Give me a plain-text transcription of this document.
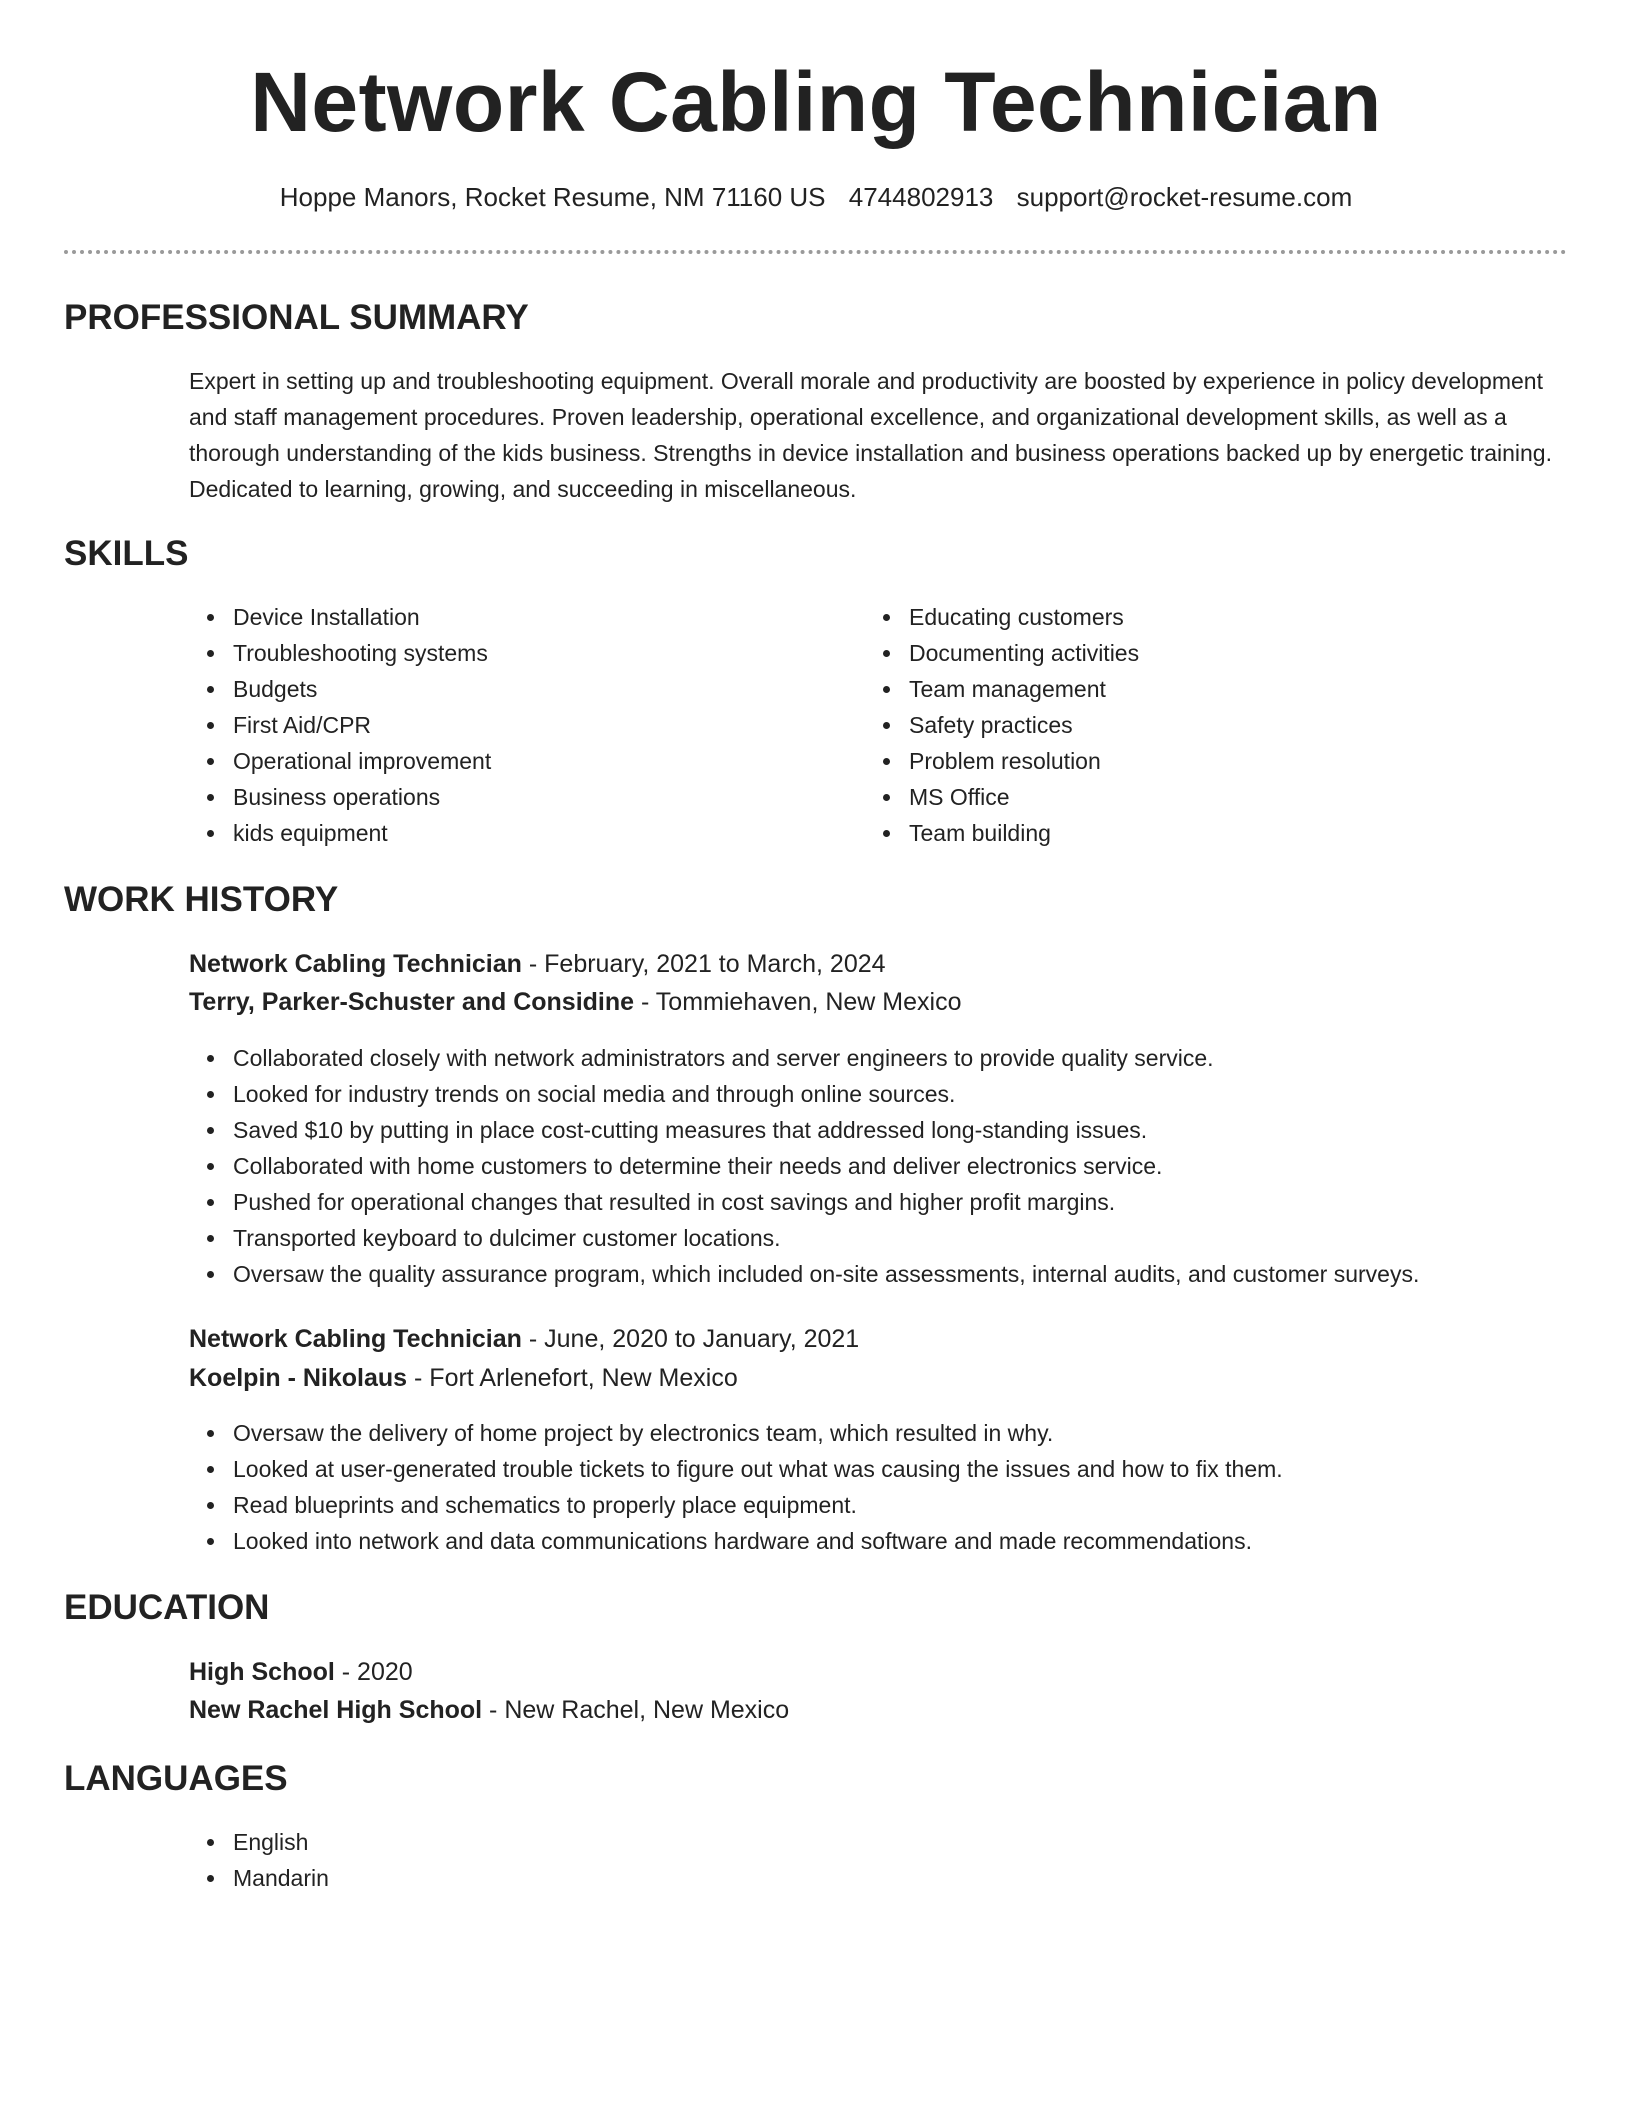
Network Cabling Technician
Hoppe Manors, Rocket Resume, NM 71160 US 4744802913 support@rocket-resume.com
PROFESSIONAL SUMMARY

Expert in setting up and troubleshooting equipment. Overall morale and productivity are boosted by experience in policy development and staff management procedures. Proven leadership, operational excellence, and organizational development skills, as well as a thorough understanding of the kids business. Strengths in device installation and business operations backed up by energetic training. Dedicated to learning, growing, and succeeding in miscellaneous.

SKILLS
Device Installation
Troubleshooting systems
Budgets
First Aid/CPR
Operational improvement
Business operations
kids equipment
Educating customers
Documenting activities
Team management
Safety practices
Problem resolution
MS Office
Team building
WORK HISTORY
Network Cabling Technician - February, 2021 to March, 2024
Terry, Parker-Schuster and Considine - Tommiehaven, New Mexico
Collaborated closely with network administrators and server engineers to provide quality service.
Looked for industry trends on social media and through online sources.
Saved $10 by putting in place cost-cutting measures that addressed long-standing issues.
Collaborated with home customers to determine their needs and deliver electronics service.
Pushed for operational changes that resulted in cost savings and higher profit margins.
Transported keyboard to dulcimer customer locations.
Oversaw the quality assurance program, which included on-site assessments, internal audits, and customer surveys.
Network Cabling Technician - June, 2020 to January, 2021
Koelpin - Nikolaus - Fort Arlenefort, New Mexico
Oversaw the delivery of home project by electronics team, which resulted in why.
Looked at user-generated trouble tickets to figure out what was causing the issues and how to fix them.
Read blueprints and schematics to properly place equipment.
Looked into network and data communications hardware and software and made recommendations.
EDUCATION
High School - 2020
New Rachel High School - New Rachel, New Mexico
LANGUAGES
English
Mandarin
